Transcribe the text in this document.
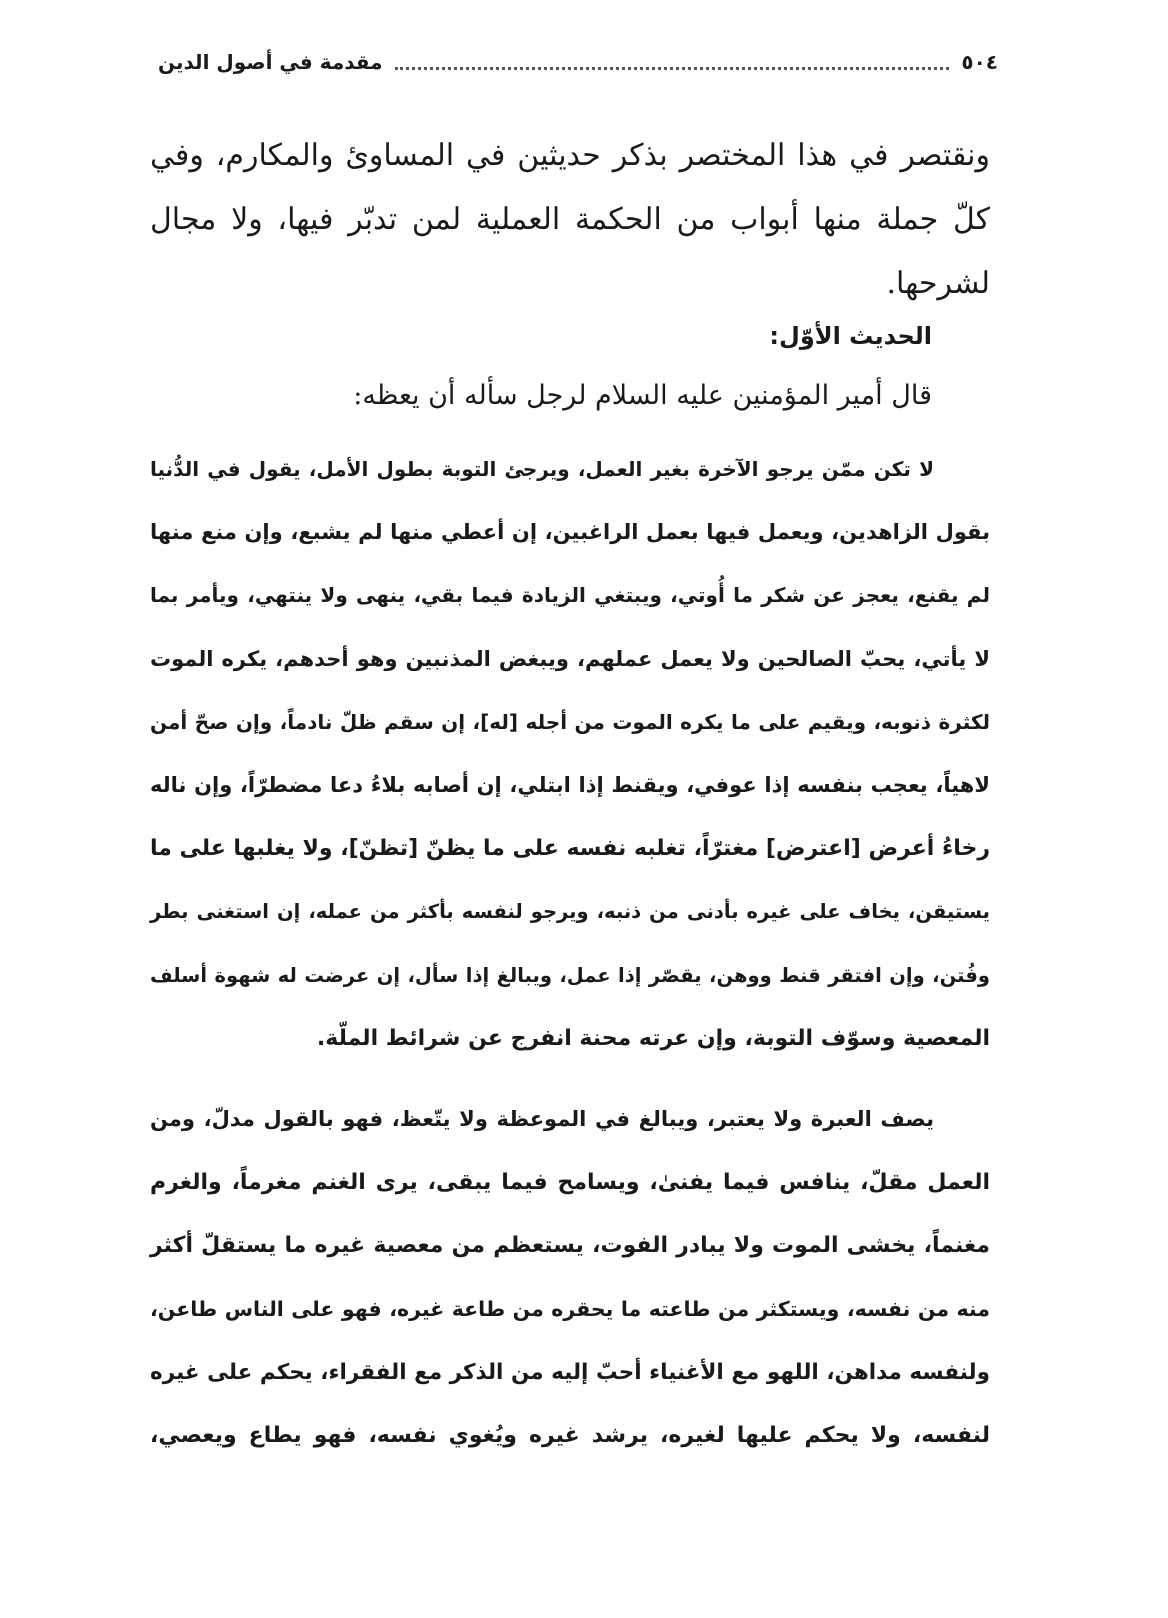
٥٠٤
مقدمة في أصول الدين

ونقتصر في هذا المختصر بذكر حديثين في المساوئ والمكارم، وفي كلّ جملة منها أبواب من الحكمة العملية لمن تدبّر فيها، ولا مجال لشرحها.

الحديث الأوّل:

قال أمير المؤمنين عليه السلام لرجل سأله أن يعظه:

لا تكن ممّن يرجو الآخرة بغير العمل، ويرجئ التوبة بطول الأمل، يقول في الدُّنيا
بقول الزاهدين، ويعمل فيها بعمل الراغبين، إن أعطي منها لم يشبع، وإن منع منها
لم يقنع، يعجز عن شكر ما أُوتي، ويبتغي الزيادة فيما بقي، ينهى ولا ينتهي، ويأمر بما
لا يأتي، يحبّ الصالحين ولا يعمل عملهم، ويبغض المذنبين وهو أحدهم، يكره الموت
لكثرة ذنوبه، ويقيم على ما يكره الموت من أجله [له]، إن سقم ظلّ نادماً، وإن صحّ أمن
لاهياً، يعجب بنفسه إذا عوفي، ويقنط إذا ابتلي، إن أصابه بلاءُ دعا مضطرّاً، وإن ناله
رخاءُ أعرض [اعترض] مغترّاً، تغلبه نفسه على ما يظنّ [تظنّ]، ولا يغلبها على ما
يستيقن، يخاف على غيره بأدنى من ذنبه، ويرجو لنفسه بأكثر من عمله، إن استغنى بطر
وفُتن، وإن افتقر قنط ووهن، يقصّر إذا عمل، ويبالغ إذا سأل، إن عرضت له شهوة أسلف
المعصية وسوّف التوبة، وإن عرته محنة انفرج عن شرائط الملّة.
يصف العبرة ولا يعتبر، ويبالغ في الموعظة ولا يتّعظ، فهو بالقول مدلّ، ومن
العمل مقلّ، ينافس فيما يفنىٰ، ويسامح فيما يبقى، يرى الغنم مغرماً، والغرم
مغنماً، يخشى الموت ولا يبادر الفوت، يستعظم من معصية غيره ما يستقلّ أكثر
منه من نفسه، ويستكثر من طاعته ما يحقره من طاعة غيره، فهو على الناس طاعن،
ولنفسه مداهن، اللهو مع الأغنياء أحبّ إليه من الذكر مع الفقراء، يحكم على غيره
لنفسه، ولا يحكم عليها لغيره، يرشد غيره ويُغوي نفسه، فهو يطاع ويعصي،
